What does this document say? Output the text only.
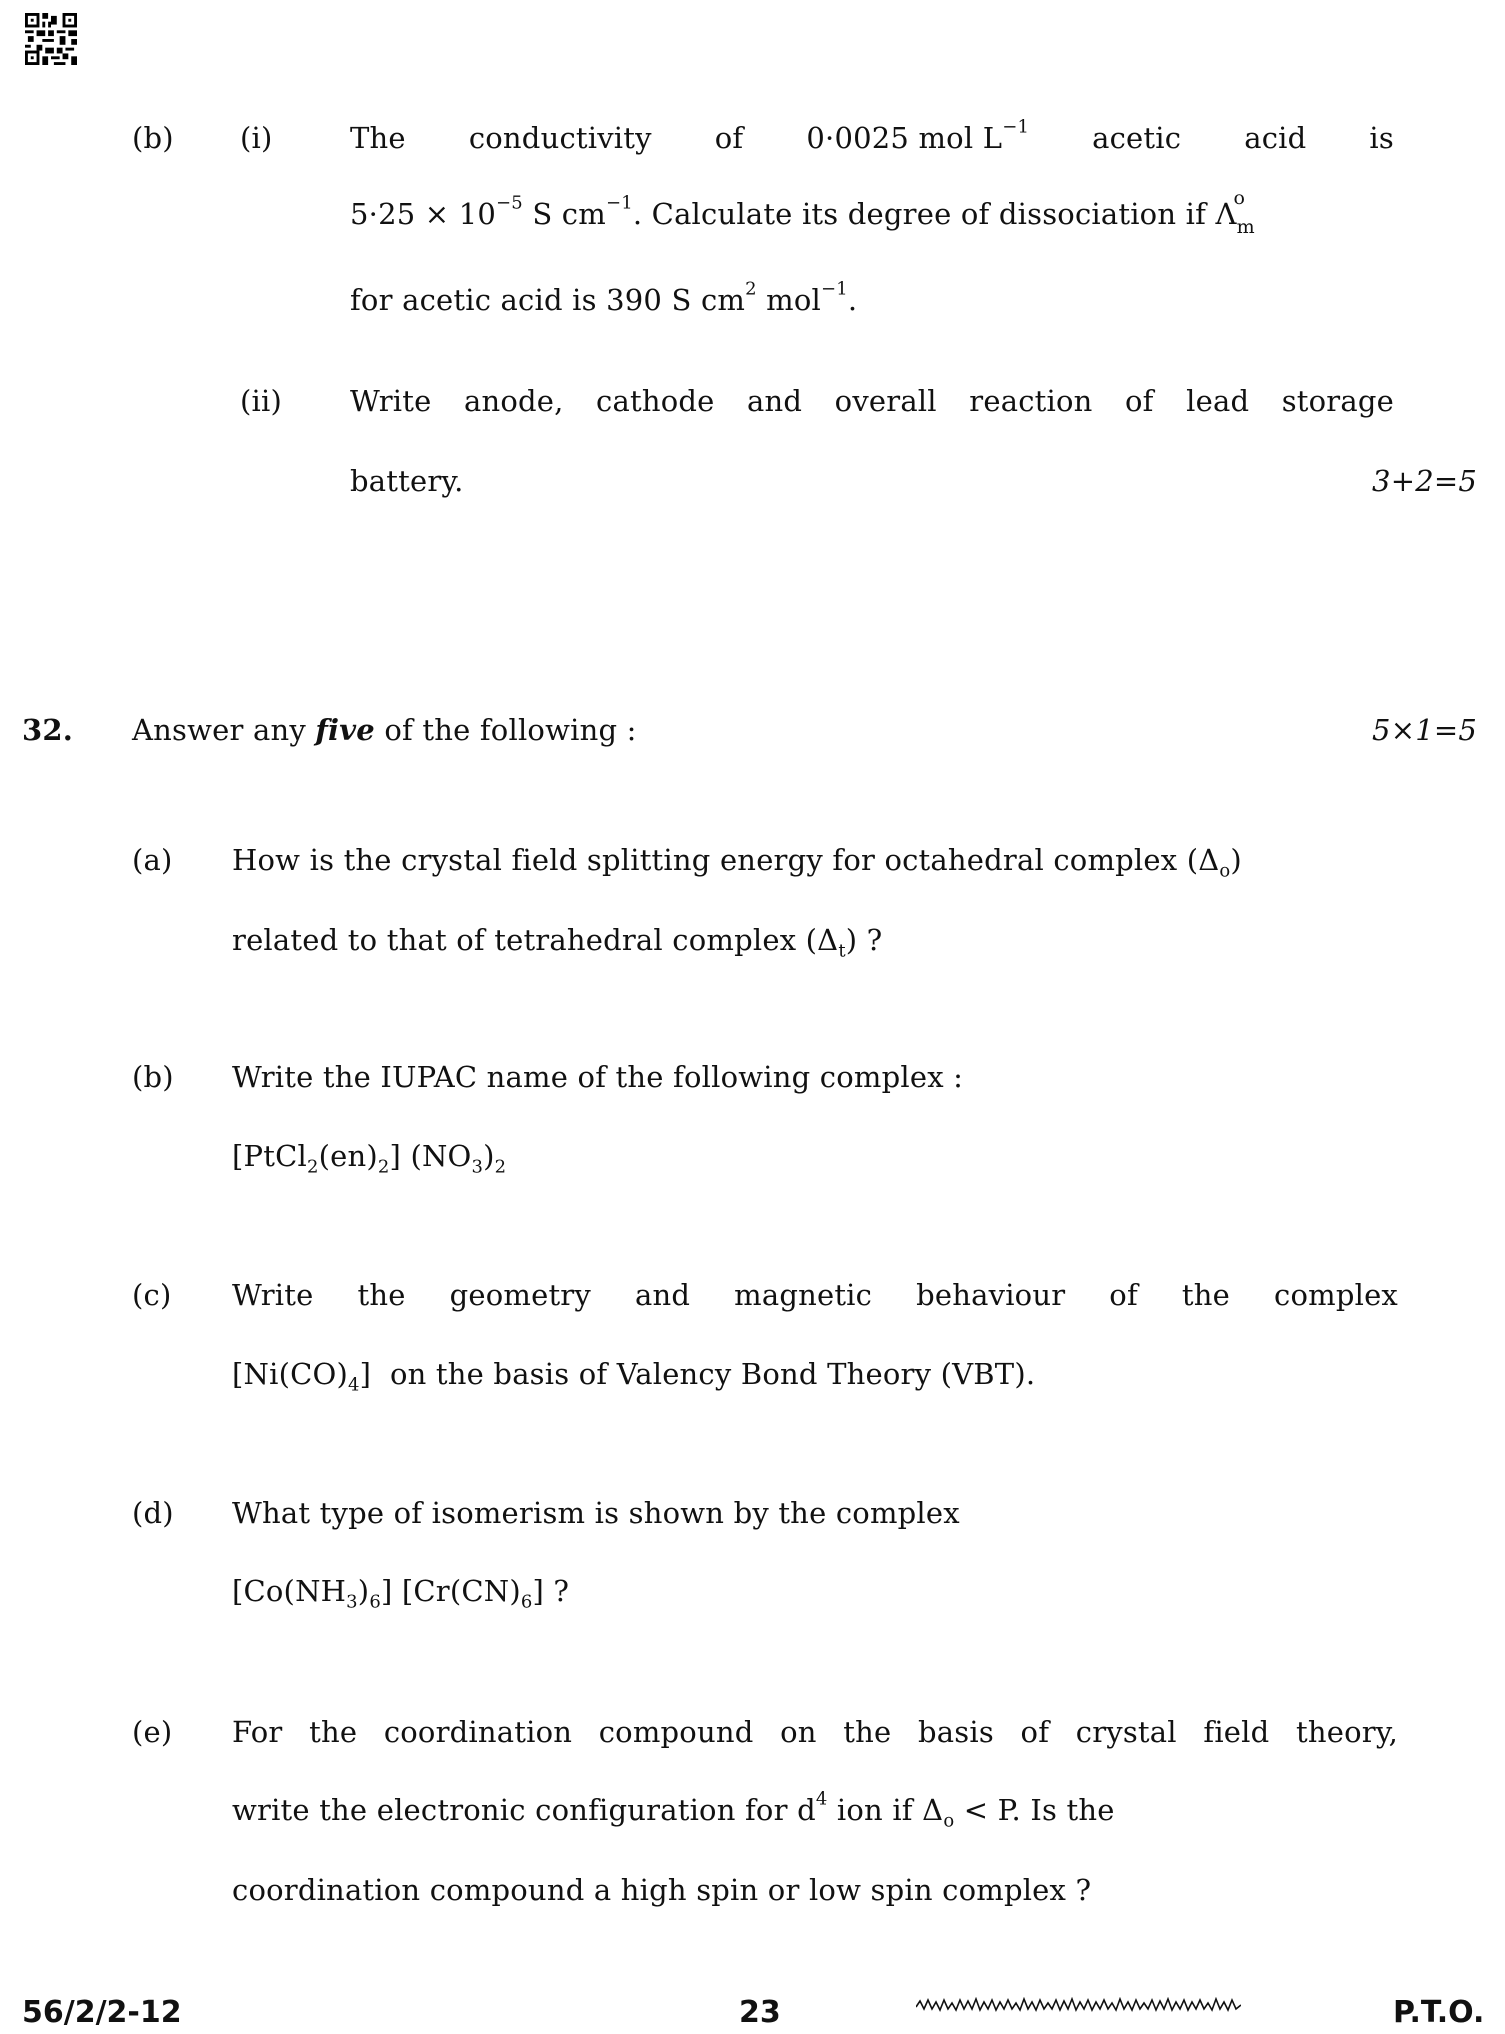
(b) (i)	The conductivity of 0·0025 mol $L^{-1}$ acetic acid is
$5\cdot 25 \times 10^{-5}$ S $cm^{-1}$. Calculate its degree of dissociation if Λ
o
$_m$
for acetic acid is 390 S $cm^2$ mol$^{-1}$.
(ii) Write anode, cathode and overall reaction of lead storage
battery.	3+2=5
32. Answer any five of the following :	5×1=5
(a) How is the crystal field splitting energy for octahedral complex $(\Delta_o)$
related to that of tetrahedral complex $(\Delta_t)$ ?
(b) Write the IUPAC name of the following complex :
$[PtCl_2(en)_2]$ $(NO_3)_2$
(c) Write the geometry and magnetic behaviour of the complex
$[Ni(CO)_4]$  on the basis of Valency Bond Theory (VBT).
(d) What type of isomerism is shown by the complex
$[Co(NH_3)_6]$ $[Cr(CN)_6]$ ?
(e) For the coordination compound on the basis of crystal field theory,
write the electronic configuration for $d^4$ ion if $\Delta_o < P$. Is the
coordination compound a high spin or low spin complex ?
56/2/2-12	23	P.T.O.
